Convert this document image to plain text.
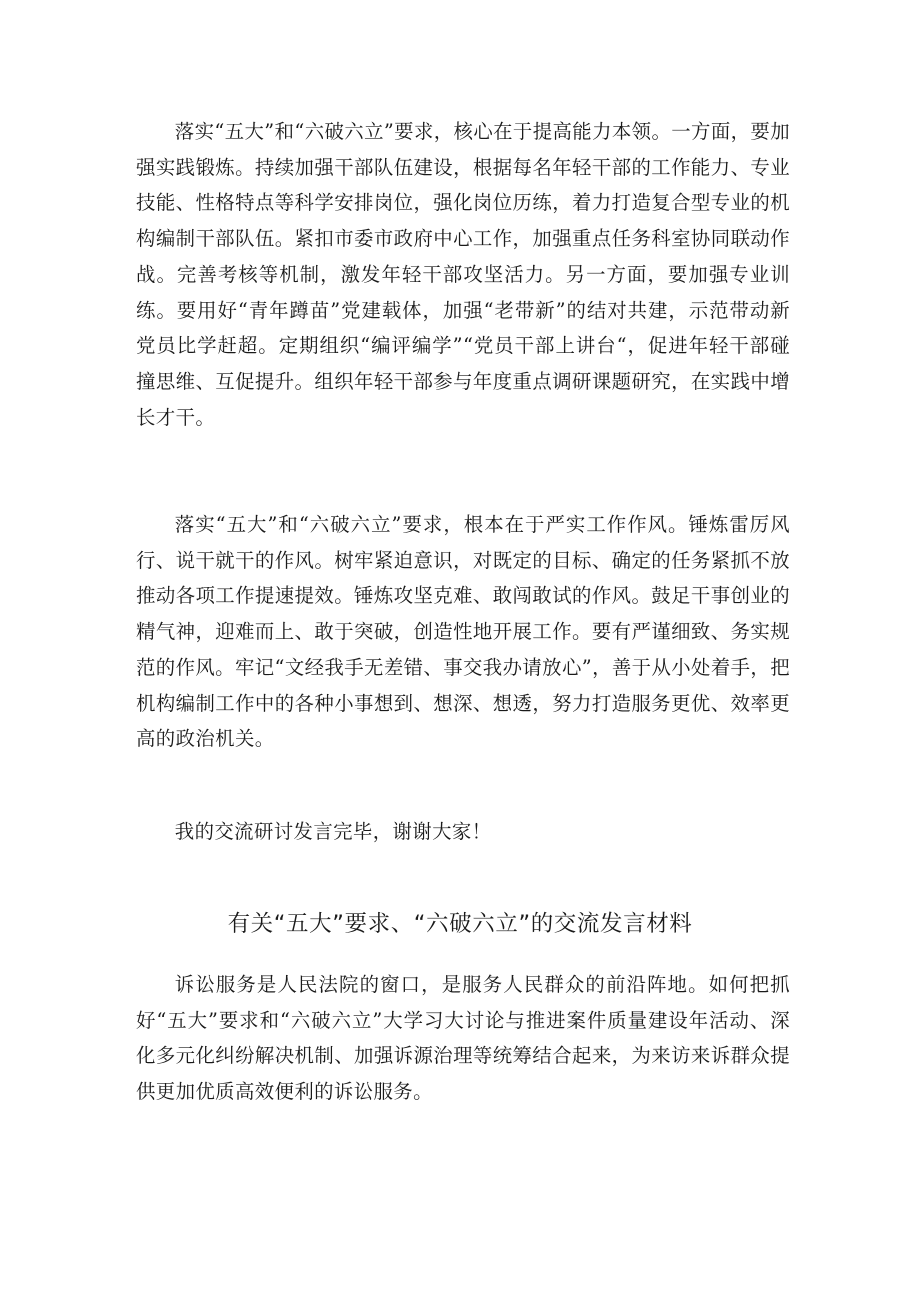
落实“五大”和“六破六立”要求，核心在于提高能力本领。一方面，要加强实践锻炼。持续加强干部队伍建设，根据每名年轻干部的工作能力、专业技能、性格特点等科学安排岗位，强化岗位历练，着力打造复合型专业的机构编制干部队伍。紧扣市委市政府中心工作，加强重点任务科室协同联动作战。完善考核等机制，激发年轻干部攻坚活力。另一方面，要加强专业训练。要用好“青年蹲苗”党建载体，加强“老带新”的结对共建，示范带动新党员比学赶超。定期组织“编评编学”“党员干部上讲台“，促进年轻干部碰撞思维、互促提升。组织年轻干部参与年度重点调研课题研究，在实践中增长才干。

落实“五大”和“六破六立”要求，根本在于严实工作作风。锤炼雷厉风行、说干就干的作风。树牢紧迫意识，对既定的目标、确定的任务紧抓不放推动各项工作提速提效。锤炼攻坚克难、敢闯敢试的作风。鼓足干事创业的精气神，迎难而上、敢于突破，创造性地开展工作。要有严谨细致、务实规范的作风。牢记“文经我手无差错、事交我办请放心”，善于从小处着手，把机构编制工作中的各种小事想到、想深、想透，努力打造服务更优、效率更高的政治机关。

我的交流研讨发言完毕，谢谢大家！

有关“五大”要求、“六破六立”的交流发言材料

诉讼服务是人民法院的窗口，是服务人民群众的前沿阵地。如何把抓好“五大”要求和“六破六立”大学习大讨论与推进案件质量建设年活动、深化多元化纠纷解决机制、加强诉源治理等统筹结合起来，为来访来诉群众提供更加优质高效便利的诉讼服务。
